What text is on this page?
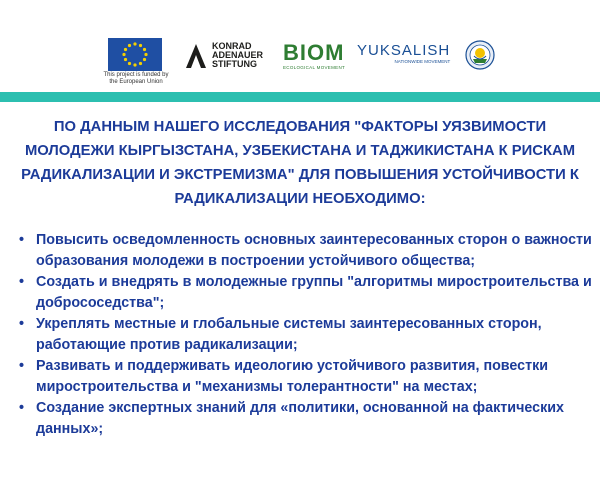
This project is funded by
the European Union
KONRAD
ADENAUER
STIFTUNG BIOM
ECOLOGICAL MOVEMENT
YUKSALISH
NATIONWIDE MOVEMENT
ПО ДАННЫМ НАШЕГО ИССЛЕДОВАНИЯ "ФАКТОРЫ УЯЗВИМОСТИ МОЛОДЕЖИ КЫРГЫЗСТАНА, УЗБЕКИСТАНА И ТАДЖИКИСТАНА К РИСКАМ РАДИКАЛИЗАЦИИ И ЭКСТРЕМИЗМА" ДЛЯ ПОВЫШЕНИЯ УСТОЙЧИВОСТИ К РАДИКАЛИЗАЦИИ НЕОБХОДИМО:
• Повысить осведомленность основных заинтересованных сторон о важности образования молодежи в построении устойчивого общества;
• Создать и внедрять в молодежные группы "алгоритмы миростроительства и добрососедства";
• Укреплять местные и глобальные системы заинтересованных сторон, работающие против радикализации;
• Развивать и поддерживать идеологию устойчивого развития, повестки миростроительства и "механизмы толерантности" на местах;
• Создание экспертных знаний для «политики, основанной на фактических данных»;
